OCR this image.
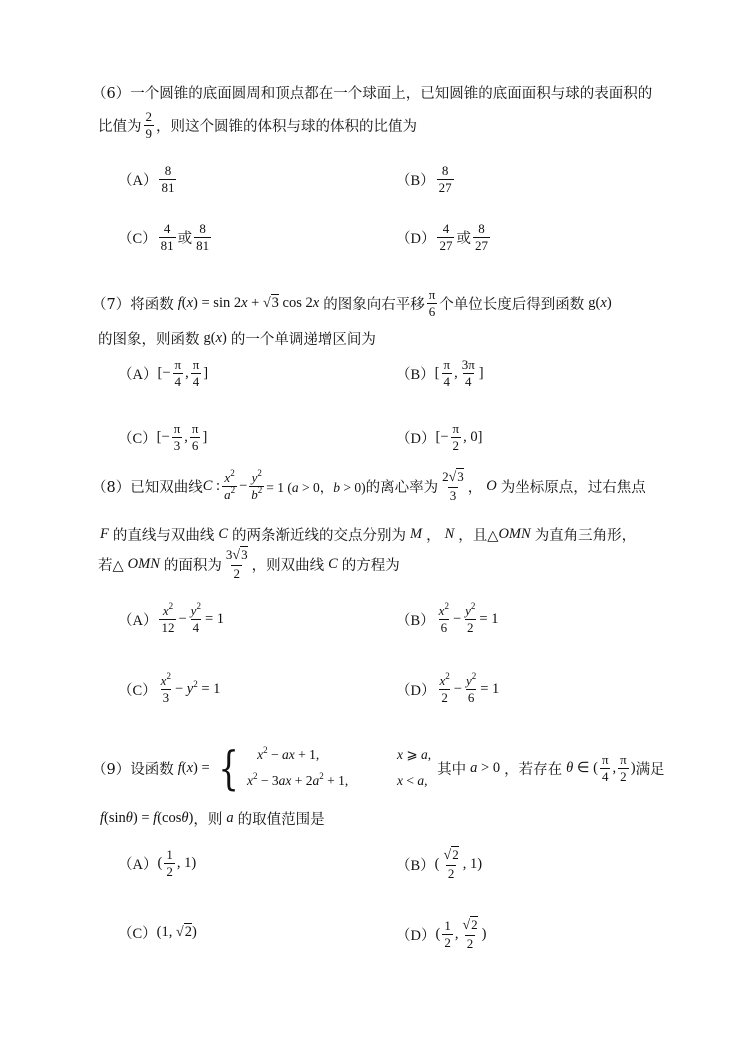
（6） 一个圆锥的底面圆周和顶点都在一个球面上，已知圆锥的底面面积与球的表面积的
比值为 $\frac{2}{9}$ ，则这个圆锥的体积与球的体积的比值为
$(A) \frac{8}{81}$	$(B) \frac{8}{27}$
$(C) \frac{4}{81}$ 或 $\frac{8}{81}$	$(D) \frac{4}{27}$ 或 $\frac{8}{27}$
（7） 将函数 f(x) = sin 2x + √3 cos 2x 的图象向右平移 $\frac{\pi}{6}$ 个单位长度后得到函数 g(x)
的图象，则函数 g(x) 的一个单调递增区间为
（A） [− $\frac{\pi}{4}$ , $\frac{\pi}{4}$ ]	（B） [ $\frac{\pi}{4}$ , $\frac{3\pi}{4}$ ]
（C） [− $\frac{\pi}{3}$ , $\frac{\pi}{6}$ ]	（D） [− $\frac{\pi}{2}$ , 0]
（8） 已知双曲线 C : $\frac{x^2}{a^2} - \frac{y^2}{b^2} = 1$ (a > 0，b > 0) 的离心率为 $\frac{2√3}{3}$ ， O 为坐标原点，过右焦点
F 的直线与双曲线 C 的两条渐近线的交点分别为 M ， N ，且△ OMN 为直角三角形，
若△ OMN 的面积为 $\frac{3√3}{2}$ ，则双曲线 C 的方程为
$(A) \frac{x^2}{12} - \frac{y^2}{4} = 1$	$(B) \frac{x^2}{6} - \frac{y^2}{2} = 1$
$(C) \frac{x^2}{3} - y^2 = 1$	$(D) \frac{x^2}{2} - \frac{y^2}{6} = 1$
（9） 设函数 f(x) = {	$x^2$ − ax + 1,	x ⩾ a,
$x^2 - 3ax + 2a^2 + 1$,	x < a,
其中 a > 0 ，若存在 θ ∈ ( $\frac{\pi}{4}$ , $\frac{\pi}{2}$ ) 满足
f(sinθ) = f(cosθ) ，则 a 的取值范围是
（A） ( $\frac{1}{2}$ , 1)	（B） ( $\frac{√2}{2}$ , 1)
（C） (1, √2)	（D） ( $\frac{1}{2}$ , $\frac{√2}{2}$ )
